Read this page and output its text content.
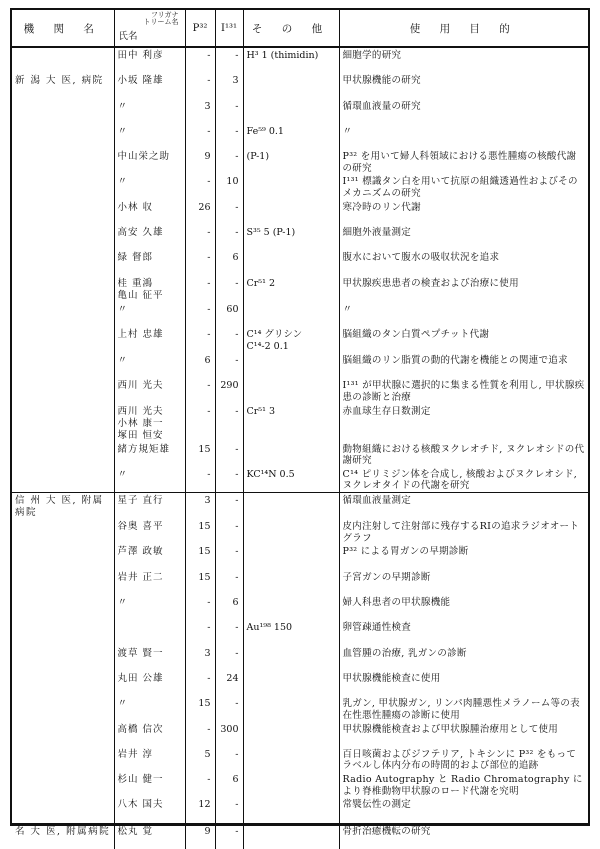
機 関 名	フリガナ
トリーム名
氏名	P³²	I¹³¹	そ の 他	使 用 目 的
	田中 利彦	-	-	H³ 1 (thimidin)	細胞学的研究
新 潟 大 医, 病院	小坂 隆雄	-	3		甲状腺機能の研究
	〃	3	-		循環血液量の研究
	〃	-	-	Fe⁵⁹ 0.1	〃
	中山栄之助	9	-	(P-1)	P³² を用いて婦人科領域における悪性腫瘍の核酸代謝の研究
	〃	-	10		I¹³¹ 標識タン白を用いて抗原の組織透過性およびそのメカニズムの研究
	小林 収	26	-		寒冷時のリン代謝
	高安 久雄	-	-	S³⁵ 5 (P-1)	細胞外液量測定
	緑 督郎	-	6		腹水において腹水の吸収状況を追求
	桂 重鴻
亀山 征平	-	-	Cr⁵¹ 2	甲状腺疾患患者の検査および治療に使用
	〃	-	60		〃
	上村 忠雄	-	-	C¹⁴ グリシン
C¹⁴-2 0.1	脳組織のタン白質ペプチット代謝
	〃	6	-		脳組織のリン脂質の動的代謝を機能との関連で追求
	西川 光夫	-	290		I¹³¹ が甲状腺に選択的に集まる性質を利用し, 甲状腺疾患の診断と治療
	西川 光夫
小林 康一
塚田 恒安	-	-	Cr⁵¹ 3	赤血球生存日数測定
	緒方規矩雄	15	-		動物組織における核酸ヌクレオチド, ヌクレオシドの代謝研究
	〃	-	-	KC¹⁴N 0.5	C¹⁴ ピリミジン体を合成し, 核酸およびヌクレオシド, ヌクレオタイドの代謝を研究
信 州 大 医, 附属
病院	星子 直行	3	-		循環血液量測定
	谷奥 喜平	15	-		皮内注射して注射部に残存するRIの追求ラジオオートグラフ
	芦澤 政敏	15	-		P³² による胃ガンの早期診断
	岩井 正二	15	-		子宮ガンの早期診断
	〃	-	6		婦人科患者の甲状腺機能
		-	-	Au¹⁹⁸ 150	卵管疎通性検査
	渡草 賢一	3	-		血管腫の治療, 乳ガンの診断
	丸田 公雄	-	24		甲状腺機能検査に使用
	〃	15	-		乳ガン, 甲状腺ガン, リンパ肉腫悪性メラノーム等の表在性悪性腫瘍の診断に使用
	高橋 信次	-	300		甲状腺機能検査および甲状腺腫治療用として使用
	岩井 淳	5	-		百日咳菌およびジフテリア, トキシンに P³² をもってラベルし体内分布の時間的および部位的追跡
	杉山 健一	-	6		Radio Autography と Radio Chromatography により脊椎動物甲状腺のロード代謝を究明
	八木 国夫	12	-		常襞伝性の測定
名 大 医, 附属病院	松丸 覚	9	-		骨折治癒機転の研究
